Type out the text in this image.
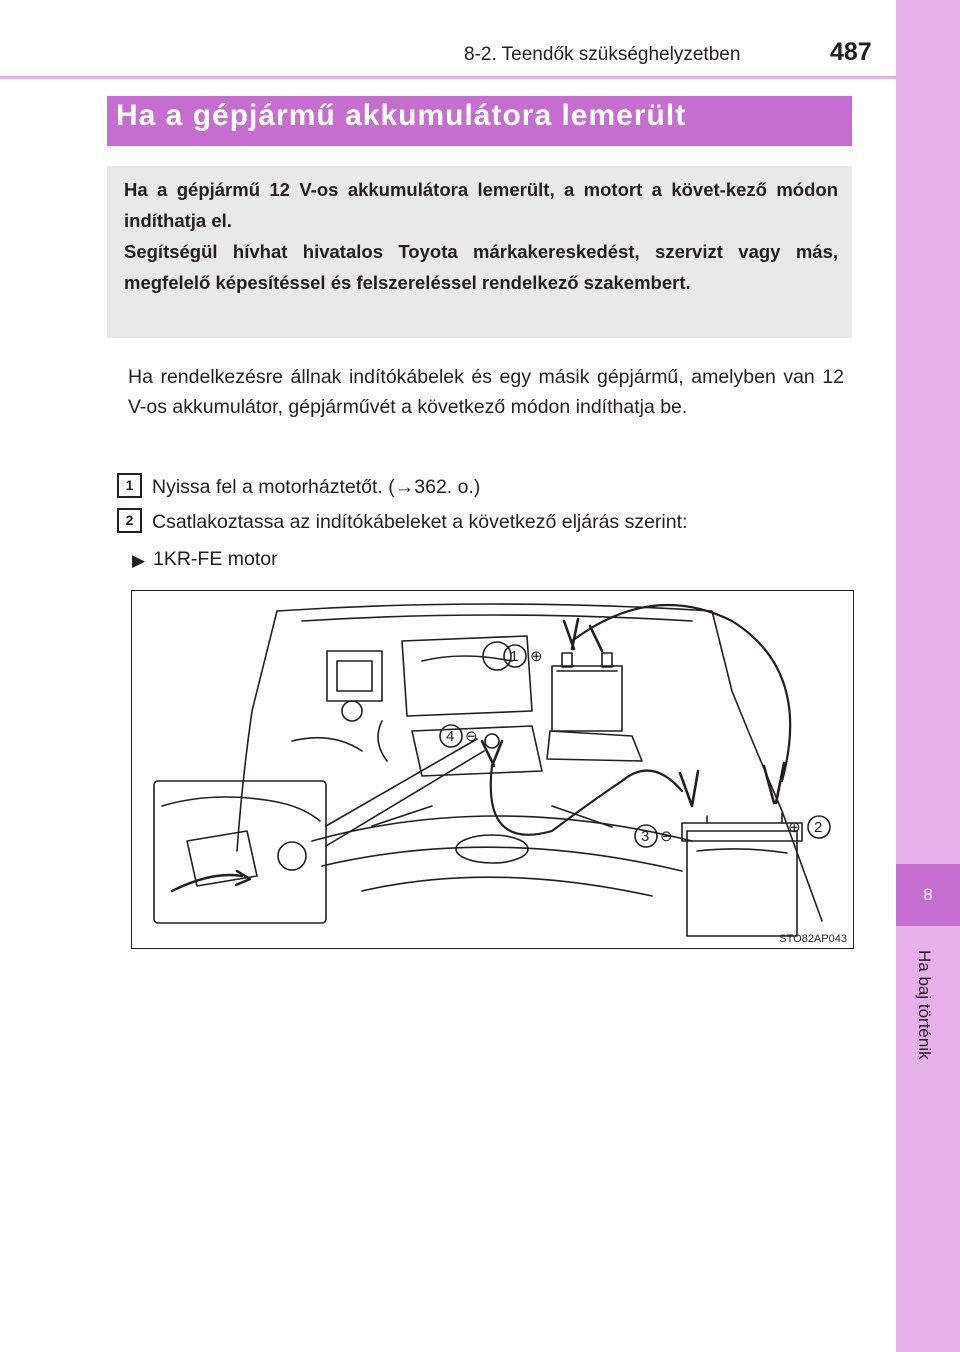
8-2. Teendők szükséghelyzetben	487
8
Ha baj történik
Ha a gépjármű akkumulátora lemerült

Ha a gépjármű 12 V-os akkumulátora lemerült, a motort a követ-kező módon indíthatja el.
Segítségül hívhat hivatalos Toyota márkakereskedést, szervizt vagy más, megfelelő képesítéssel és felszereléssel rendelkező szakembert.

Ha rendelkezésre állnak indítókábelek és egy másik gépjármű, amelyben van 12 V-os akkumulátor, gépjárművét a következő módon indíthatja be.

1 Nyissa fel a motorháztetőt. (→362. o.)
2 Csatlakoztassa az indítókábeleket a következő eljárás szerint:
▶ 1KR-FE motor
1 ⊕
2
⊕
3 ⊖
4 ⊖
STO82AP043
